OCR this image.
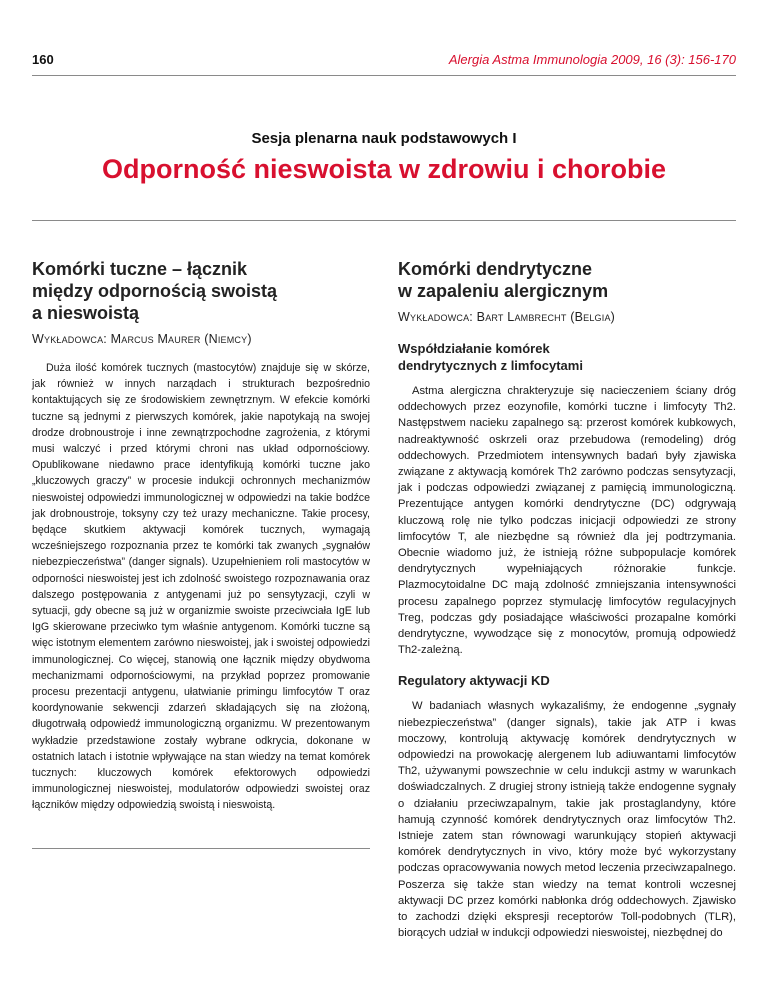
160	Alergia Astma Immunologia 2009, 16 (3): 156-170
Sesja plenarna nauk podstawowych I
Odporność nieswoista w zdrowiu i chorobie
Komórki tuczne – łącznik
między odpornością swoistą
a nieswoistą

Wykładowca: Marcus Maurer (Niemcy)

Duża ilość komórek tucznych (mastocytów) znajduje się w skórze, jak również w innych narządach i strukturach bezpośrednio kontaktujących się ze środowiskiem zewnętrznym. W efekcie komórki tuczne są jednymi z pierwszych komórek, jakie napotykają na swojej drodze drobnoustroje i inne zewnątrzpochodne zagrożenia, z którymi musi walczyć i przed którymi chroni nas układ odpornościowy. Opublikowane niedawno prace identyfikują komórki tuczne jako „kluczowych graczy” w procesie indukcji ochronnych mechanizmów nieswoistej odpowiedzi immunologicznej w odpowiedzi na takie bodźce jak drobnoustroje, toksyny czy też urazy mechaniczne. Takie procesy, będące skutkiem aktywacji komórek tucznych, wymagają wcześniejszego rozpoznania przez te komórki tak zwanych „sygnałów niebezpieczeństwa” (danger signals). Uzupełnieniem roli mastocytów w odporności nieswoistej jest ich zdolność swoistego rozpoznawania oraz dalszego postępowania z antygenami już po sensytyzacji, czyli w sytuacji, gdy obecne są już w organizmie swoiste przeciwciała IgE lub IgG skierowane przeciwko tym właśnie antygenom. Komórki tuczne są więc istotnym elementem zarówno nieswoistej, jak i swoistej odpowiedzi immunologicznej. Co więcej, stanowią one łącznik między obydwoma mechanizmami odpornościowymi, na przykład poprzez promowanie procesu prezentacji antygenu, ułatwianie primingu limfocytów T oraz koordynowanie sekwencji zdarzeń składających się na złożoną, długotrwałą odpowiedź immunologiczną organizmu. W prezentowanym wykładzie przedstawione zostały wybrane odkrycia, dokonane w ostatnich latach i istotnie wpływające na stan wiedzy na temat komórek tucznych: kluczowych komórek efektorowych odpowiedzi immunologicznej nieswoistej, modulatorów odpowiedzi swoistej oraz łączników między odpowiedzią swoistą i nieswoistą.

Komórki dendrytyczne
w zapaleniu alergicznym

Wykładowca: Bart Lambrecht (Belgia)

Współdziałanie komórek
dendrytycznych z limfocytami

Astma alergiczna chrakteryzuje się nacieczeniem ściany dróg oddechowych przez eozynofile, komórki tuczne i limfocyty Th2. Następstwem nacieku zapalnego są: przerost komórek kubkowych, nadreaktywność oskrzeli oraz przebudowa (remodeling) dróg oddechowych. Przedmiotem intensywnych badań były zjawiska związane z aktywacją komórek Th2 zarówno podczas sensytyzacji, jak i podczas odpowiedzi związanej z pamięcią immunologiczną. Prezentujące antygen komórki dendrytyczne (DC) odgrywają kluczową rolę nie tylko podczas inicjacji odpowiedzi ze strony limfocytów T, ale niezbędne są również dla jej podtrzymania. Obecnie wiadomo już, że istnieją różne subpopulacje komórek dendrytycznych wypełniających różnorakie funkcje. Plazmocytoidalne DC mają zdolność zmniejszania intensywności procesu zapalnego poprzez stymulację limfocytów regulacyjnych Treg, podczas gdy posiadające właściwości prozapalne komórki dendrytyczne, wywodzące się z monocytów, promują odpowiedź Th2-zależną.

Regulatory aktywacji KD

W badaniach własnych wykazaliśmy, że endogenne „sygnały niebezpieczeństwa” (danger signals), takie jak ATP i kwas moczowy, kontrolują aktywację komórek dendrytycznych w odpowiedzi na prowokację alergenem lub adiuwantami limfocytów Th2, używanymi powszechnie w celu indukcji astmy w warunkach doświadczalnych. Z drugiej strony istnieją także endogenne sygnały o działaniu przeciwzapalnym, takie jak prostaglandyny, które hamują czynność komórek dendrytycznych oraz limfocytów Th2. Istnieje zatem stan równowagi warunkujący stopień aktywacji komórek dendrytycznych in vivo, który może być wykorzystany podczas opracowywania nowych metod leczenia przeciwzapalnego. Poszerza się także stan wiedzy na temat kontroli wczesnej aktywacji DC przez komórki nabłonka dróg oddechowych. Zjawisko to zachodzi dzięki ekspresji receptorów Toll-podobnych (TLR), biorących udział w indukcji odpowiedzi nieswoistej, niezbędnej do
